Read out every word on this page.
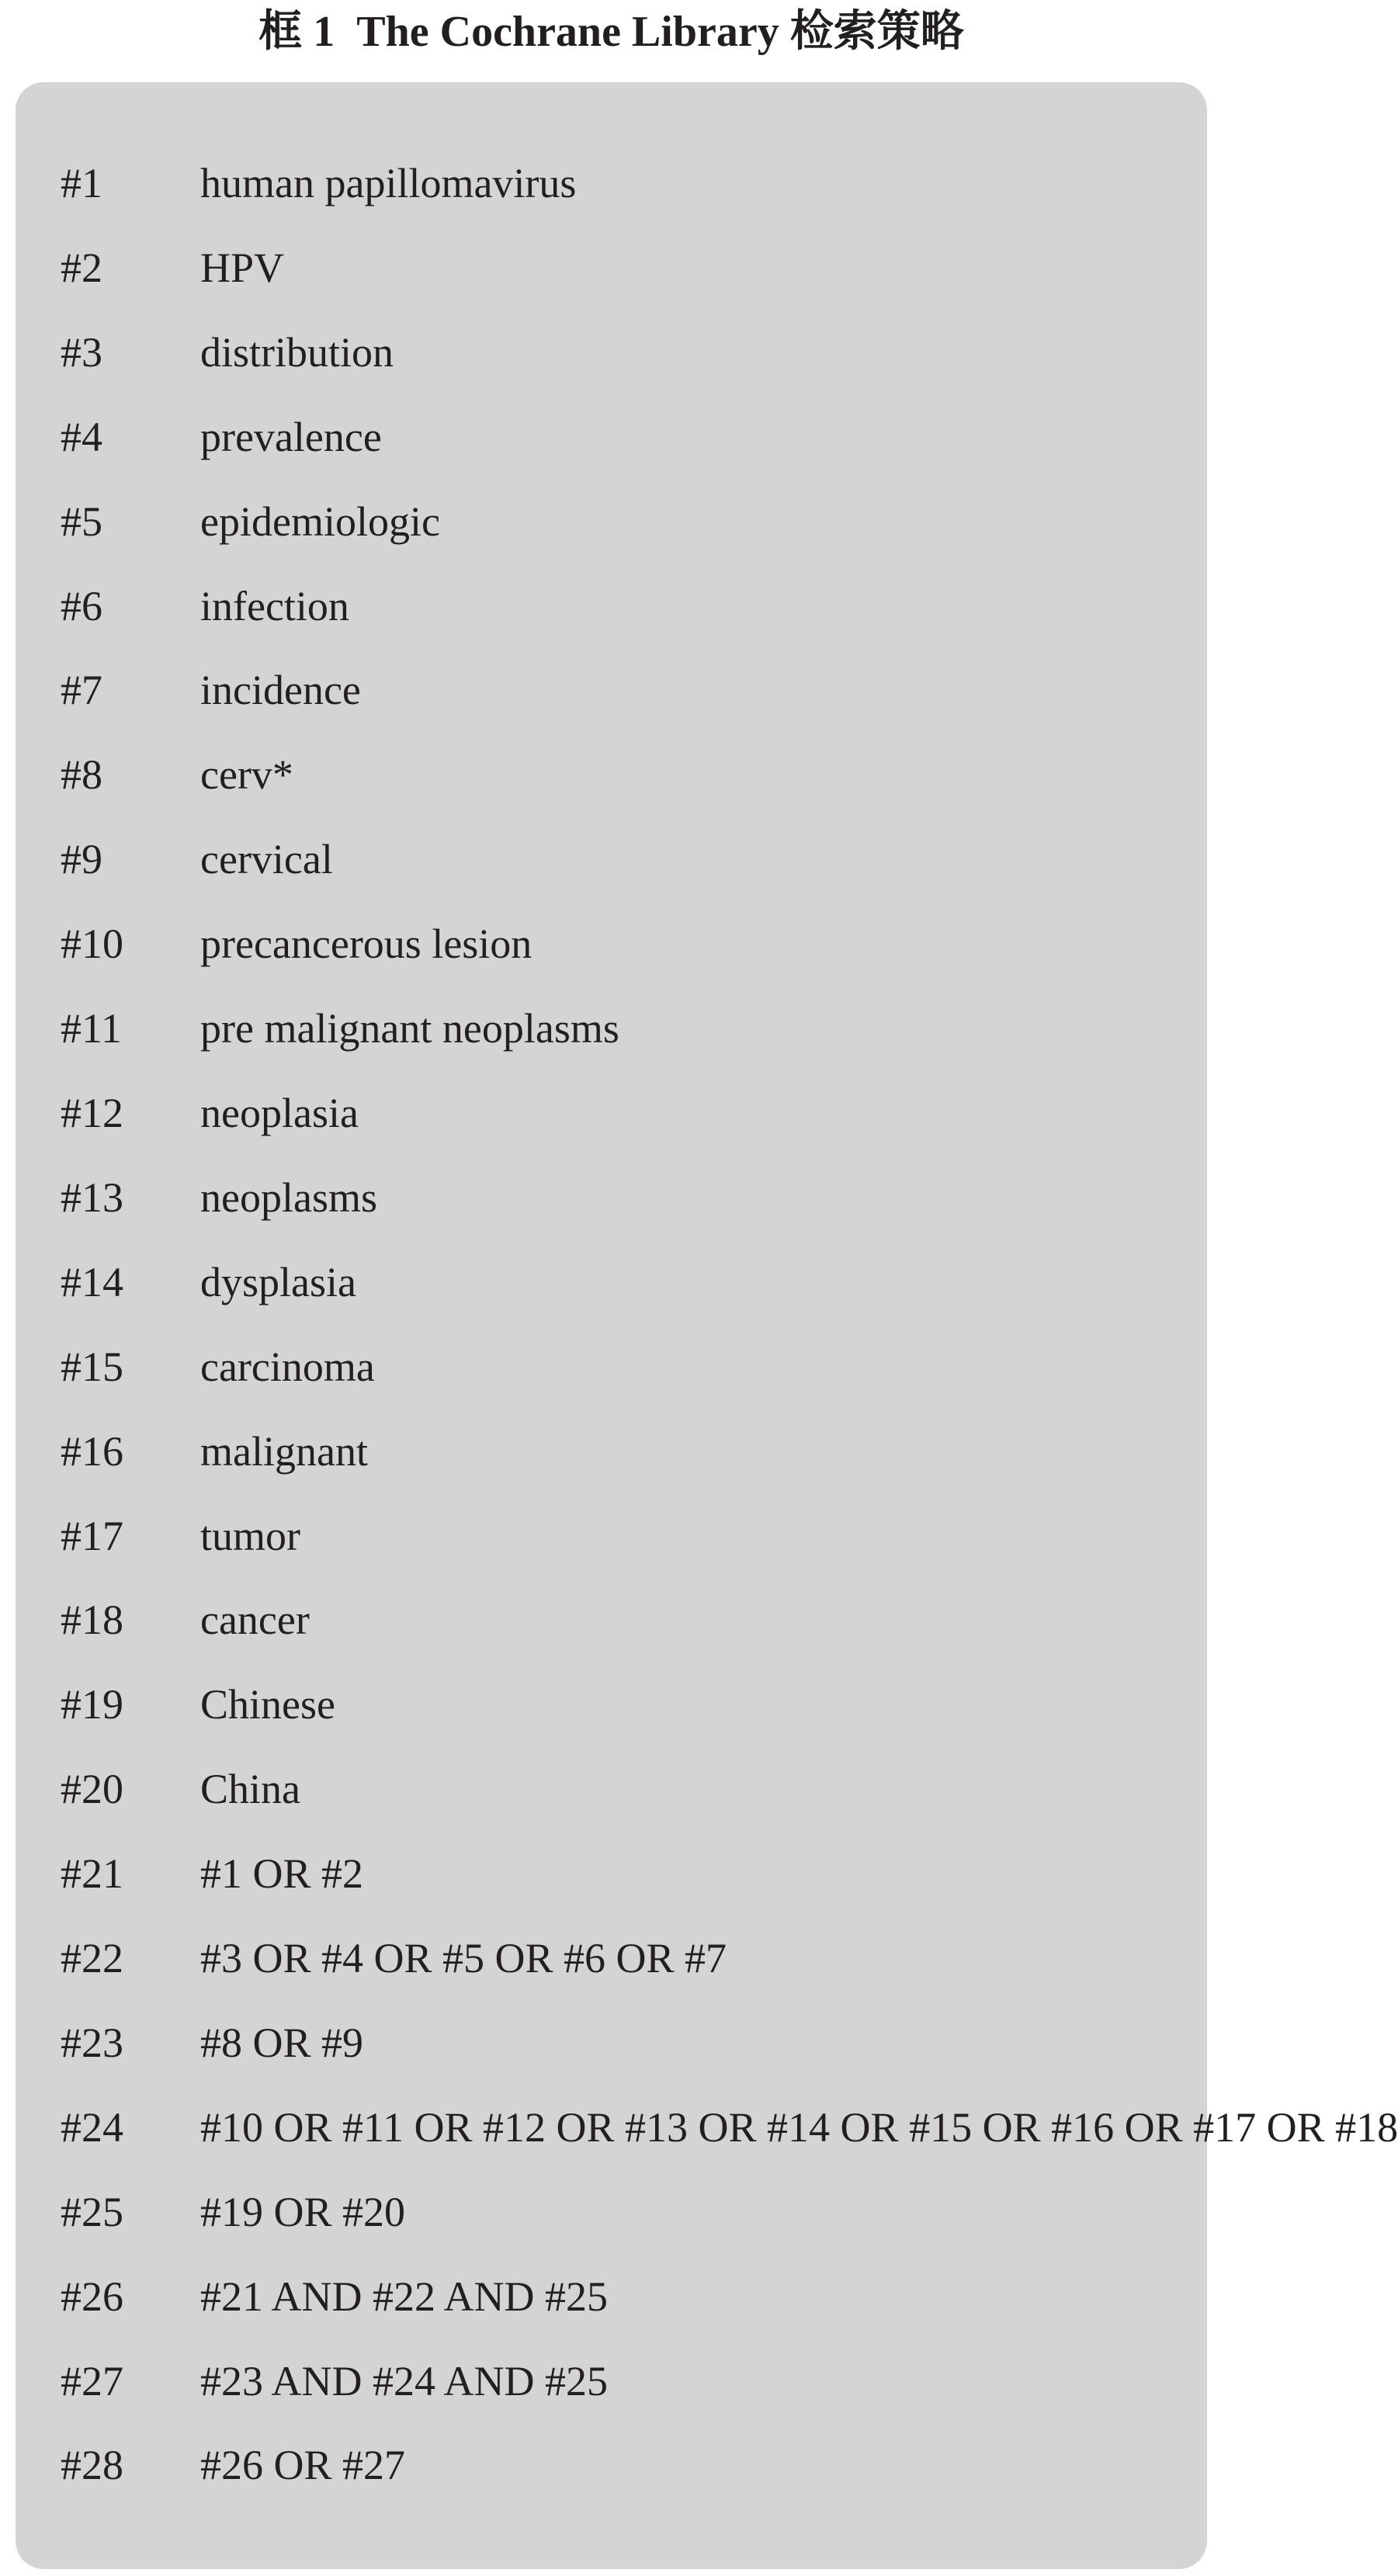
框 1 The Cochrane Library 检索策略
#1	human papillomavirus
#2	HPV
#3	distribution
#4	prevalence
#5	epidemiologic
#6	infection
#7	incidence
#8	cerv*
#9	cervical
#10	precancerous lesion
#11	pre malignant neoplasms
#12	neoplasia
#13	neoplasms
#14	dysplasia
#15	carcinoma
#16	malignant
#17	tumor
#18	cancer
#19	Chinese
#20	China
#21	#1 OR #2
#22	#3 OR #4 OR #5 OR #6 OR #7
#23	#8 OR #9
#24	#10 OR #11 OR #12 OR #13 OR #14 OR #15 OR #16 OR #17 OR #18
#25	#19 OR #20
#26	#21 AND #22 AND #25
#27	#23 AND #24 AND #25
#28	#26 OR #27
